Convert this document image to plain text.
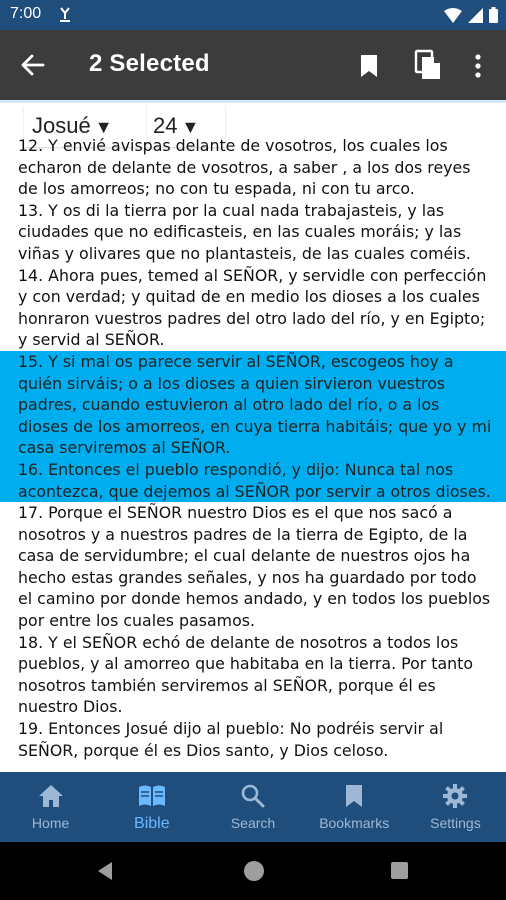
7:00
2 Selected
Josué ▼	24 ▼
12. Y envié avispas delante de vosotros, los cuales los echaron de delante de vosotros, a saber , a los dos reyes de los amorreos; no con tu espada, ni con tu arco.
13. Y os di la tierra por la cual nada trabajasteis, y las ciudades que no edificasteis, en las cuales moráis; y las viñas y olivares que no plantasteis, de las cuales coméis.
14. Ahora pues, temed al SEÑOR, y servidle con perfección y con verdad; y quitad de en medio los dioses a los cuales honraron vuestros padres del otro lado del río, y en Egipto; y servid al SEÑOR.
15. Y si mal os parece servir al SEÑOR, escogeos hoy a quién sirváis; o a los dioses a quien sirvieron vuestros padres, cuando estuvieron al otro lado del río, o a los dioses de los amorreos, en cuya tierra habitáis; que yo y mi casa serviremos al SEÑOR.
16. Entonces el pueblo respondió, y dijo: Nunca tal nos acontezca, que dejemos al SEÑOR por servir a otros dioses.
17. Porque el SEÑOR nuestro Dios es el que nos sacó a nosotros y a nuestros padres de la tierra de Egipto, de la casa de servidumbre; el cual delante de nuestros ojos ha hecho estas grandes señales, y nos ha guardado por todo el camino por donde hemos andado, y en todos los pueblos por entre los cuales pasamos.
18. Y el SEÑOR echó de delante de nosotros a todos los pueblos, y al amorreo que habitaba en la tierra. Por tanto nosotros también serviremos al SEÑOR, porque él es nuestro Dios.
19. Entonces Josué dijo al pueblo: No podréis servir al SEÑOR, porque él es Dios santo, y Dios celoso.
Home	Bible	Search	Bookmarks	Settings
